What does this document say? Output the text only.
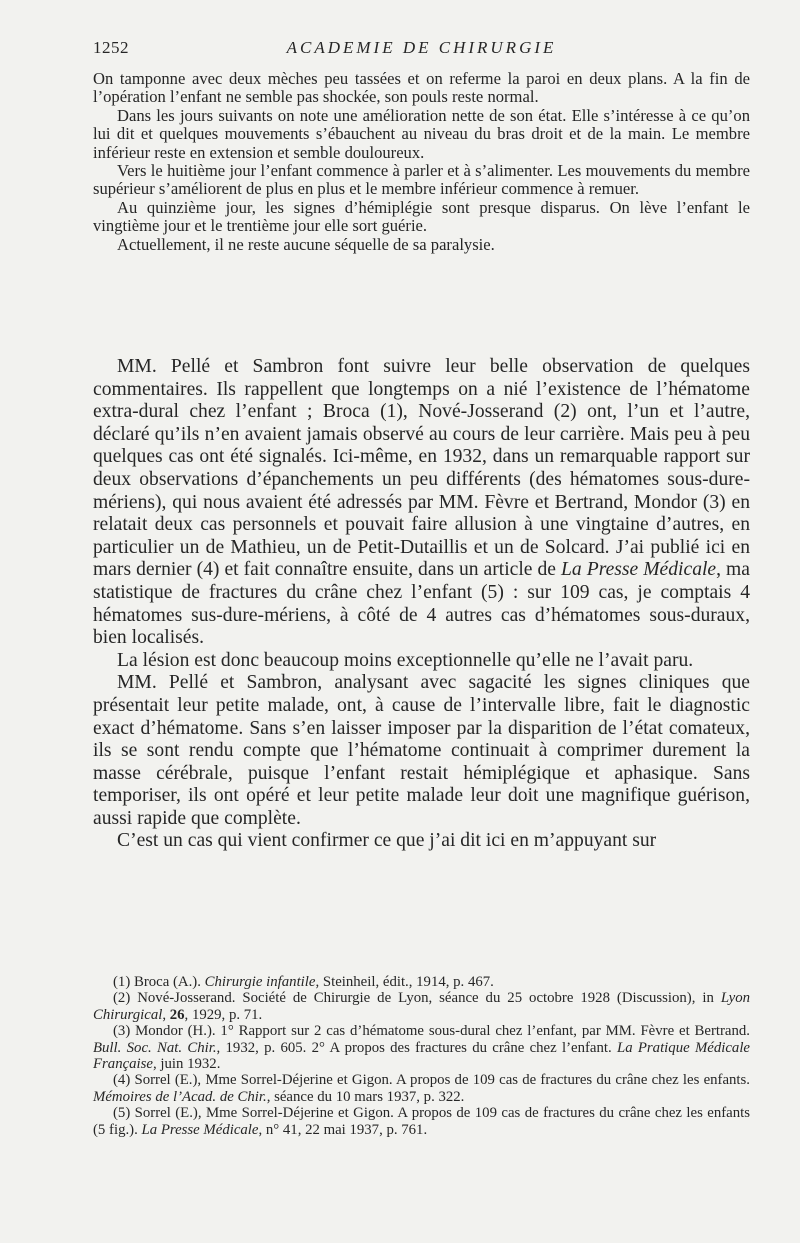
1252	ACADEMIE DE CHIRURGIE

On tamponne avec deux mèches peu tassées et on referme la paroi en deux plans. A la fin de l’opération l’enfant ne semble pas shockée, son pouls reste normal.

Dans les jours suivants on note une amélioration nette de son état. Elle s’intéresse à ce qu’on lui dit et quelques mouvements s’ébauchent au niveau du bras droit et de la main. Le membre inférieur reste en extension et semble douloureux.

Vers le huitième jour l’enfant commence à parler et à s’alimenter. Les mouvements du membre supérieur s’améliorent de plus en plus et le membre inférieur commence à remuer.

Au quinzième jour, les signes d’hémiplégie sont presque disparus. On lève l’enfant le vingtième jour et le trentième jour elle sort guérie.

Actuellement, il ne reste aucune séquelle de sa paralysie.

MM. Pellé et Sambron font suivre leur belle observation de quelques commentaires. Ils rappellent que longtemps on a nié l’existence de l’hématome extra-dural chez l’enfant ; Broca (1), Nové-Josserand (2) ont, l’un et l’autre, déclaré qu’ils n’en avaient jamais observé au cours de leur carrière. Mais peu à peu quelques cas ont été signalés. Ici-même, en 1932, dans un remarquable rapport sur deux observations d’épanchements un peu différents (des hématomes sous-dure-mériens), qui nous avaient été adressés par MM. Fèvre et Bertrand, Mondor (3) en relatait deux cas personnels et pouvait faire allusion à une vingtaine d’autres, en particulier un de Mathieu, un de Petit-Dutaillis et un de Solcard. J’ai publié ici en mars dernier (4) et fait connaître ensuite, dans un article de La Presse Médicale, ma statistique de fractures du crâne chez l’enfant (5) : sur 109 cas, je comptais 4 hématomes sus-dure-mériens, à côté de 4 autres cas d’hématomes sous-duraux, bien localisés.

La lésion est donc beaucoup moins exceptionnelle qu’elle ne l’avait paru.

MM. Pellé et Sambron, analysant avec sagacité les signes cliniques que présentait leur petite malade, ont, à cause de l’intervalle libre, fait le diagnostic exact d’hématome. Sans s’en laisser imposer par la disparition de l’état comateux, ils se sont rendu compte que l’hématome continuait à comprimer durement la masse cérébrale, puisque l’enfant restait hémiplégique et aphasique. Sans temporiser, ils ont opéré et leur petite malade leur doit une magnifique guérison, aussi rapide que complète.

C’est un cas qui vient confirmer ce que j’ai dit ici en m’appuyant sur

(1) Broca (A.). Chirurgie infantile, Steinheil, édit., 1914, p. 467.

(2) Nové-Josserand. Société de Chirurgie de Lyon, séance du 25 octobre 1928 (Discussion), in Lyon Chirurgical, 26, 1929, p. 71.

(3) Mondor (H.). 1° Rapport sur 2 cas d’hématome sous-dural chez l’enfant, par MM. Fèvre et Bertrand. Bull. Soc. Nat. Chir., 1932, p. 605. 2° A propos des fractures du crâne chez l’enfant. La Pratique Médicale Française, juin 1932.

(4) Sorrel (E.), Mme Sorrel-Déjerine et Gigon. A propos de 109 cas de fractures du crâne chez les enfants. Mémoires de l’Acad. de Chir., séance du 10 mars 1937, p. 322.

(5) Sorrel (E.), Mme Sorrel-Déjerine et Gigon. A propos de 109 cas de fractures du crâne chez les enfants (5 fig.). La Presse Médicale, n° 41, 22 mai 1937, p. 761.
